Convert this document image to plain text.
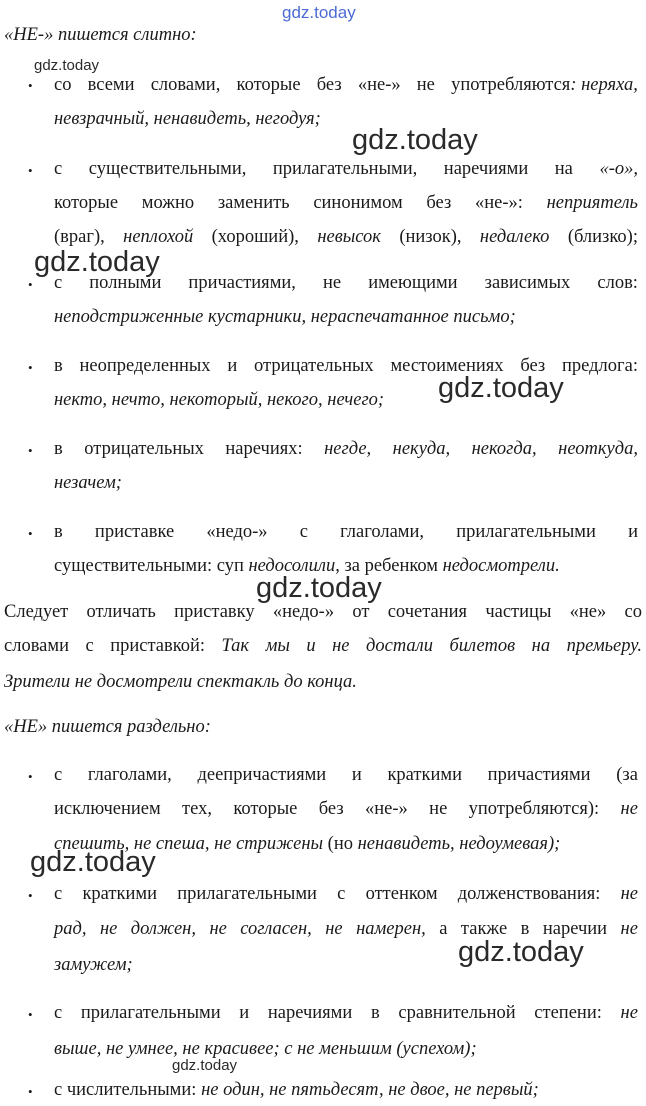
gdz.today
gdz.today
gdz.today
gdz.today
gdz.today
gdz.today
gdz.today
gdz.today
gdz.today
«НЕ-» пишется слитно:
• со всеми словами, которые без «не-» не употребляются: неряха,
невзрачный, ненавидеть, негодуя;
• с существительными, прилагательными, наречиями на «-о»,
которые можно заменить синонимом без «не-»: неприятель
(враг), неплохой (хороший), невысок (низок), недалеко (близко);
• с полными причастиями, не имеющими зависимых слов:
неподстриженные кустарники, нераспечатанное письмо;
• в неопределенных и отрицательных местоимениях без предлога:
некто, нечто, некоторый, некого, нечего;
• в отрицательных наречиях: негде, некуда, некогда, неоткуда,
незачем;
• в приставке «недо-» с глаголами, прилагательными и
существительными: суп недосолили, за ребенком недосмотрели.
Следует отличать приставку «недо-» от сочетания частицы «не» со
словами с приставкой: Так мы и не достали билетов на премьеру.
Зрители не досмотрели спектакль до конца.
«НЕ» пишется раздельно:
• с глаголами, деепричастиями и краткими причастиями (за
исключением тех, которые без «не-» не употребляются): не
спешить, не спеша, не стрижены (но ненавидеть, недоумевая);
• с краткими прилагательными с оттенком долженствования: не
рад, не должен, не согласен, не намерен, а также в наречии не
замужем;
• с прилагательными и наречиями в сравнительной степени: не
выше, не умнее, не красивее; с не меньшим (успехом);
• с числительными: не один, не пятьдесят, не двое, не первый;
